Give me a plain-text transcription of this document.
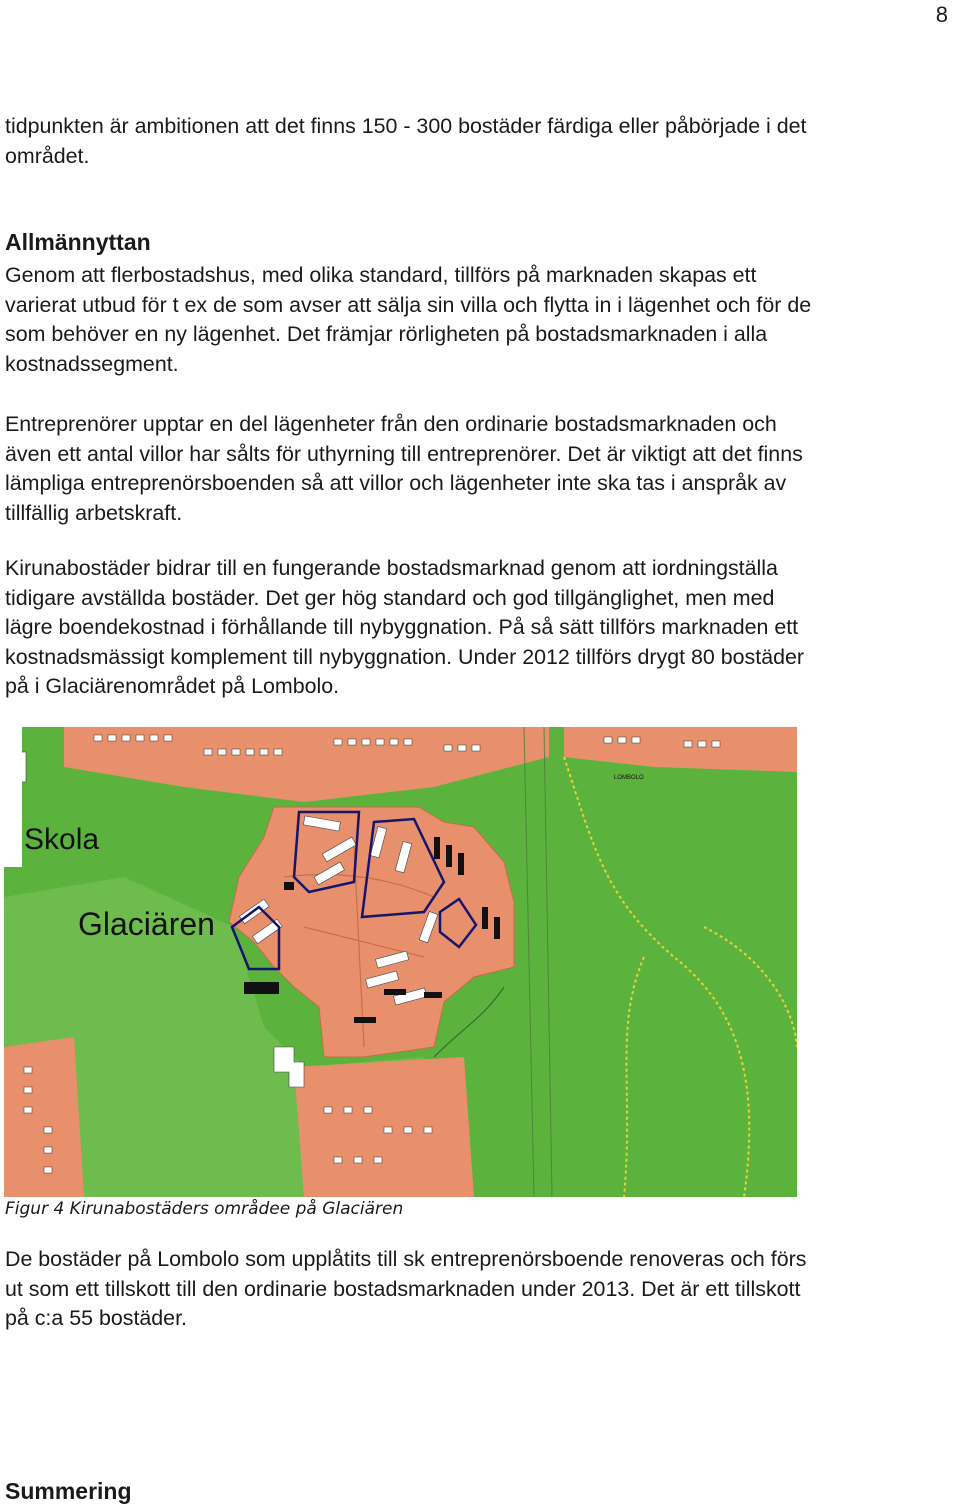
8

tidpunkten är ambitionen att det finns 150 - 300 bostäder färdiga eller påbörjade i det
området.

Allmännyttan

Genom att flerbostadshus, med olika standard, tillförs på marknaden skapas ett
varierat utbud för t ex de som avser att sälja sin villa och flytta in i lägenhet och för de
som behöver en ny lägenhet. Det främjar rörligheten på bostadsmarknaden i alla
kostnadssegment.

Entreprenörer upptar en del lägenheter från den ordinarie bostadsmarknaden och
även ett antal villor har sålts för uthyrning till entreprenörer. Det är viktigt att det finns
lämpliga entreprenörsboenden så att villor och lägenheter inte ska tas i anspråk av
tillfällig arbetskraft.

Kirunabostäder bidrar till en fungerande bostadsmarknad genom att iordningställa
tidigare avställda bostäder. Det ger hög standard och god tillgänglighet, men med
lägre boendekostnad i förhållande till nybyggnation. På så sätt tillförs marknaden ett
kostnadsmässigt komplement till nybyggnation. Under 2012 tillförs drygt 80 bostäder
på i Glaciärenområdet på Lombolo.

Skola
Glaciären
LOMBOLO

Figur 4 Kirunabostäders områdee på Glaciären

De bostäder på Lombolo som upplåtits till sk entreprenörsboende renoveras och förs
ut som ett tillskott till den ordinarie bostadsmarknaden under 2013. Det är ett tillskott
på c:a 55 bostäder.

Summering
